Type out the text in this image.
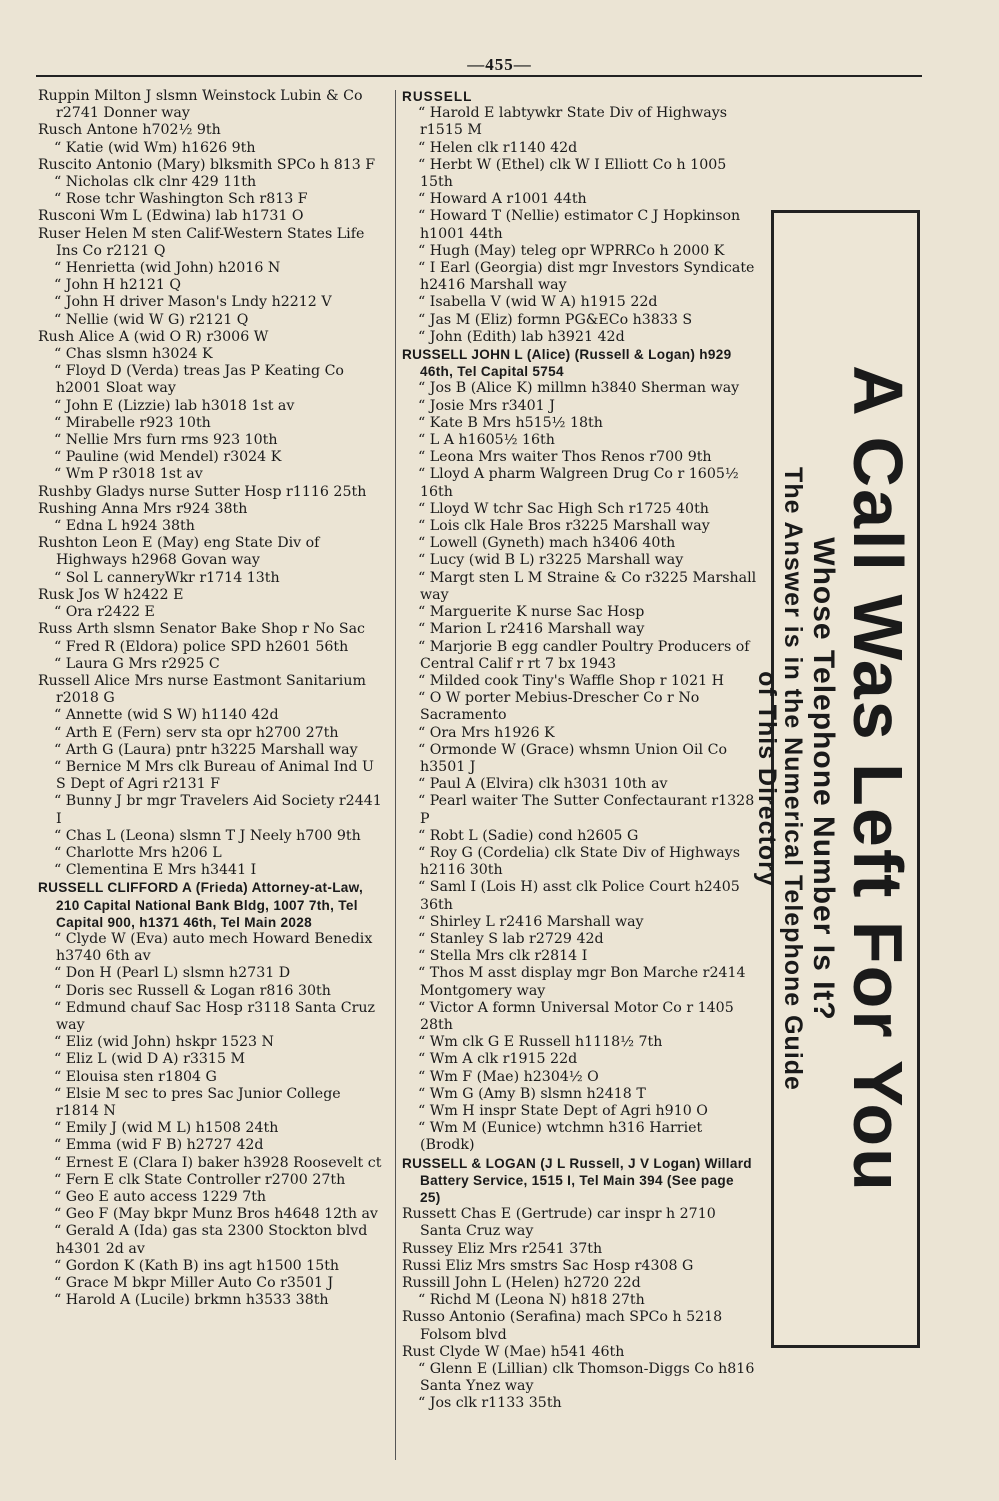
—455—
Ruppin Milton J slsmn Weinstock Lubin & Co r2741 Donner way
Rusch Antone h702½ 9th
“ Katie (wid Wm) h1626 9th
Ruscito Antonio (Mary) blksmith SPCo h 813 F
“ Nicholas clk clnr 429 11th
“ Rose tchr Washington Sch r813 F
Rusconi Wm L (Edwina) lab h1731 O
Ruser Helen M sten Calif-Western States Life Ins Co r2121 Q
“ Henrietta (wid John) h2016 N
“ John H h2121 Q
“ John H driver Mason's Lndy h2212 V
“ Nellie (wid W G) r2121 Q
Rush Alice A (wid O R) r3006 W
“ Chas slsmn h3024 K
“ Floyd D (Verda) treas Jas P Keating Co h2001 Sloat way
“ John E (Lizzie) lab h3018 1st av
“ Mirabelle r923 10th
“ Nellie Mrs furn rms 923 10th
“ Pauline (wid Mendel) r3024 K
“ Wm P r3018 1st av
Rushby Gladys nurse Sutter Hosp r1116 25th
Rushing Anna Mrs r924 38th
“ Edna L h924 38th
Rushton Leon E (May) eng State Div of Highways h2968 Govan way
“ Sol L canneryWkr r1714 13th
Rusk Jos W h2422 E
“ Ora r2422 E
Russ Arth slsmn Senator Bake Shop r No Sac
“ Fred R (Eldora) police SPD h2601 56th
“ Laura G Mrs r2925 C
Russell Alice Mrs nurse Eastmont Sanitarium r2018 G
“ Annette (wid S W) h1140 42d
“ Arth E (Fern) serv sta opr h2700 27th
“ Arth G (Laura) pntr h3225 Marshall way
“ Bernice M Mrs clk Bureau of Animal Ind U S Dept of Agri r2131 F
“ Bunny J br mgr Travelers Aid Society r2441 I
“ Chas L (Leona) slsmn T J Neely h700 9th
“ Charlotte Mrs h206 L
“ Clementina E Mrs h3441 I
RUSSELL CLIFFORD A (Frieda) Attorney-at-Law, 210 Capital National Bank Bldg, 1007 7th, Tel Capital 900, h1371 46th, Tel Main 2028
“ Clyde W (Eva) auto mech Howard Benedix h3740 6th av
“ Don H (Pearl L) slsmn h2731 D
“ Doris sec Russell & Logan r816 30th
“ Edmund chauf Sac Hosp r3118 Santa Cruz way
“ Eliz (wid John) hskpr 1523 N
“ Eliz L (wid D A) r3315 M
“ Elouisa sten r1804 G
“ Elsie M sec to pres Sac Junior College r1814 N
“ Emily J (wid M L) h1508 24th
“ Emma (wid F B) h2727 42d
“ Ernest E (Clara I) baker h3928 Roosevelt ct
“ Fern E clk State Controller r2700 27th
“ Geo E auto access 1229 7th
“ Geo F (May bkpr Munz Bros h4648 12th av
“ Gerald A (Ida) gas sta 2300 Stockton blvd h4301 2d av
“ Gordon K (Kath B) ins agt h1500 15th
“ Grace M bkpr Miller Auto Co r3501 J
“ Harold A (Lucile) brkmn h3533 38th
RUSSELL
“ Harold E labtywkr State Div of Highways r1515 M
“ Helen clk r1140 42d
“ Herbt W (Ethel) clk W I Elliott Co h 1005 15th
“ Howard A r1001 44th
“ Howard T (Nellie) estimator C J Hopkinson h1001 44th
“ Hugh (May) teleg opr WPRRCo h 2000 K
“ I Earl (Georgia) dist mgr Investors Syndicate h2416 Marshall way
“ Isabella V (wid W A) h1915 22d
“ Jas M (Eliz) formn PG&ECo h3833 S
“ John (Edith) lab h3921 42d
RUSSELL JOHN L (Alice) (Russell & Logan) h929 46th, Tel Capital 5754
“ Jos B (Alice K) millmn h3840 Sherman way
“ Josie Mrs r3401 J
“ Kate B Mrs h515½ 18th
“ L A h1605½ 16th
“ Leona Mrs waiter Thos Renos r700 9th
“ Lloyd A pharm Walgreen Drug Co r 1605½ 16th
“ Lloyd W tchr Sac High Sch r1725 40th
“ Lois clk Hale Bros r3225 Marshall way
“ Lowell (Gyneth) mach h3406 40th
“ Lucy (wid B L) r3225 Marshall way
“ Margt sten L M Straine & Co r3225 Marshall way
“ Marguerite K nurse Sac Hosp
“ Marion L r2416 Marshall way
“ Marjorie B egg candler Poultry Producers of Central Calif r rt 7 bx 1943
“ Milded cook Tiny's Waffle Shop r 1021 H
“ O W porter Mebius-Drescher Co r No Sacramento
“ Ora Mrs h1926 K
“ Ormonde W (Grace) whsmn Union Oil Co h3501 J
“ Paul A (Elvira) clk h3031 10th av
“ Pearl waiter The Sutter Confectaurant r1328 P
“ Robt L (Sadie) cond h2605 G
“ Roy G (Cordelia) clk State Div of Highways h2116 30th
“ Saml I (Lois H) asst clk Police Court h2405 36th
“ Shirley L r2416 Marshall way
“ Stanley S lab r2729 42d
“ Stella Mrs clk r2814 I
“ Thos M asst display mgr Bon Marche r2414 Montgomery way
“ Victor A formn Universal Motor Co r 1405 28th
“ Wm clk G E Russell h1118½ 7th
“ Wm A clk r1915 22d
“ Wm F (Mae) h2304½ O
“ Wm G (Amy B) slsmn h2418 T
“ Wm H inspr State Dept of Agri h910 O
“ Wm M (Eunice) wtchmn h316 Harriet (Brodk)
RUSSELL & LOGAN (J L Russell, J V Logan) Willard Battery Service, 1515 I, Tel Main 394 (See page 25)
Russett Chas E (Gertrude) car inspr h 2710 Santa Cruz way
Russey Eliz Mrs r2541 37th
Russi Eliz Mrs smstrs Sac Hosp r4308 G
Russill John L (Helen) h2720 22d
“ Richd M (Leona N) h818 27th
Russo Antonio (Serafina) mach SPCo h 5218 Folsom blvd
Rust Clyde W (Mae) h541 46th
“ Glenn E (Lillian) clk Thomson-Diggs Co h816 Santa Ynez way
“ Jos clk r1133 35th
A Call Was Left For You
Whose Telephone Number Is It?
The Answer is in the Numerical Telephone Guide
of This Directory
